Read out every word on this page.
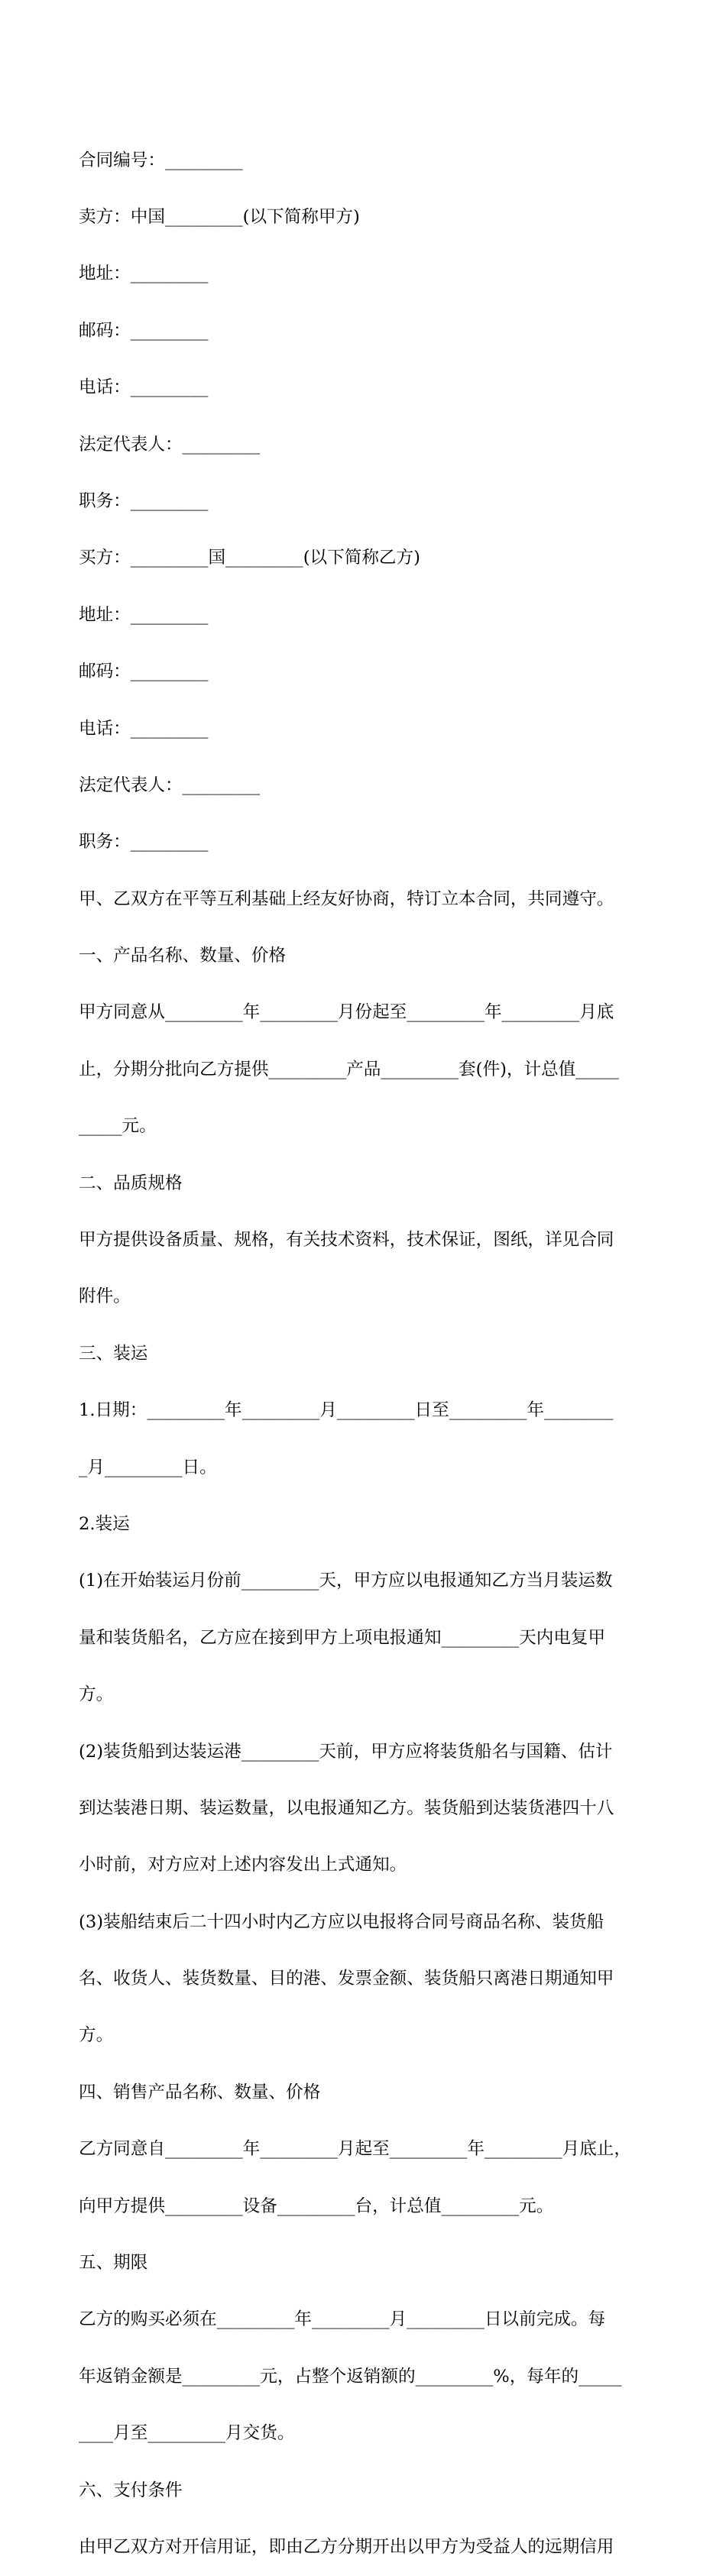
合同编号：_________

卖方：中国_________(以下简称甲方)

地址：_________

邮码：_________

电话：_________

法定代表人：_________

职务：_________

买方：_________国_________(以下简称乙方)

地址：_________

邮码：_________

电话：_________

法定代表人：_________

职务：_________

甲、乙双方在平等互利基础上经友好协商，特订立本合同，共同遵守。

一、产品名称、数量、价格

甲方同意从_________年_________月份起至_________年_________月底

止，分期分批向乙方提供_________产品_________套(件)，计总值_____

_____元。

二、品质规格

甲方提供设备质量、规格，有关技术资料，技术保证，图纸，详见合同

附件。

三、装运

1.日期：_________年_________月_________日至_________年________

_月_________日。

2.装运

(1)在开始装运月份前_________天，甲方应以电报通知乙方当月装运数

量和装货船名，乙方应在接到甲方上项电报通知_________天内电复甲

方。

(2)装货船到达装运港_________天前，甲方应将装货船名与国籍、估计

到达装港日期、装运数量，以电报通知乙方。装货船到达装货港四十八

小时前，对方应对上述内容发出上式通知。

(3)装船结束后二十四小时内乙方应以电报将合同号商品名称、装货船

名、收货人、装货数量、目的港、发票金额、装货船只离港日期通知甲

方。

四、销售产品名称、数量、价格

乙方同意自_________年_________月起至_________年_________月底止，

向甲方提供_________设备_________台，计总值_________元。

五、期限

乙方的购买必须在_________年_________月_________日以前完成。每

年返销金额是_________元，占整个返销额的_________%，每年的_____

____月至_________月交货。

六、支付条件

由甲乙双方对开信用证，即由乙方分期开出以甲方为受益人的远期信用
